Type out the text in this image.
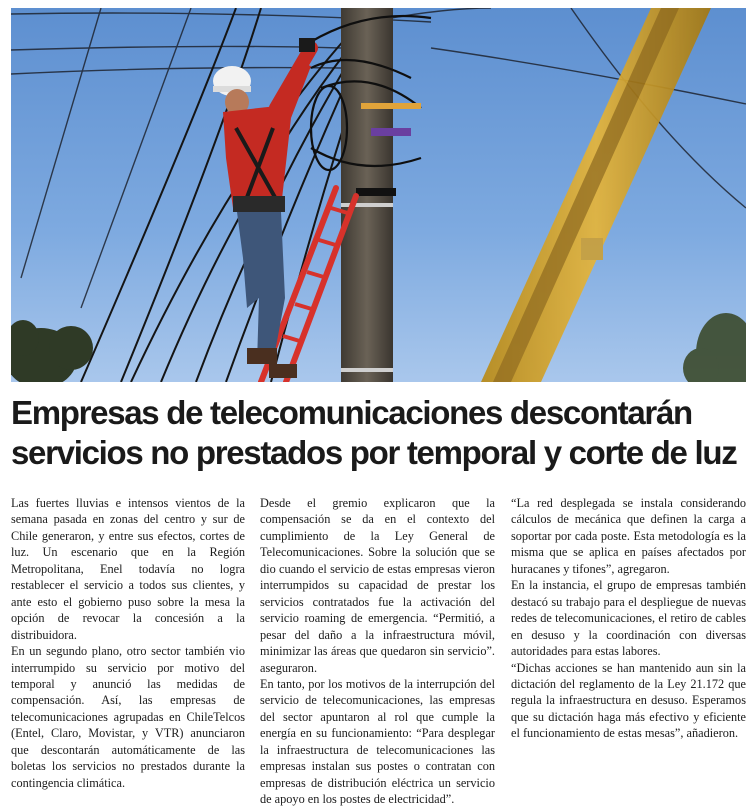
Empresas de telecomunicaciones descontarán
servicios no prestados por temporal y corte de luz

Las fuertes lluvias e intensos vientos de la semana pasada en zonas del centro y sur de Chile generaron, y entre sus efectos, cortes de luz. Un escenario que en la Región Metropolitana, Enel todavía no logra restablecer el servicio a todos sus clientes, y ante esto el gobierno puso sobre la mesa la opción de revocar la concesión a la distribuidora.

En un segundo plano, otro sector también vio interrumpido su servicio por motivo del temporal y anunció las medidas de compensación. Así, las empresas de telecomunicaciones agrupadas en ChileTelcos (Entel, Claro, Movistar, y VTR) anunciaron que descontarán automáticamente de las boletas los servicios no prestados durante la contingencia climática.

Desde el gremio explicaron que la compensación se da en el contexto del cumplimiento de la Ley General de Telecomunicaciones. Sobre la solución que se dio cuando el servicio de estas empresas vieron interrumpidos su capacidad de prestar los servicios contratados fue la activación del servicio roaming de emergencia. “Permitió, a pesar del daño a la infraestructura móvil, minimizar las áreas que quedaron sin servicio”. aseguraron.

En tanto, por los motivos de la interrupción del servicio de telecomunicaciones, las empresas del sector apuntaron al rol que cumple la energía en su funcionamiento: “Para desplegar la infraestructura de telecomunicaciones las empresas instalan sus postes o contratan con empresas de distribución eléctrica un servicio de apoyo en los postes de electricidad”.

“La red desplegada se instala considerando cálculos de mecánica que definen la carga a soportar por cada poste. Esta metodología es la misma que se aplica en países afectados por huracanes y tifones”, agregaron.

En la instancia, el grupo de empresas también destacó su trabajo para el despliegue de nuevas redes de telecomunicaciones, el retiro de cables en desuso y la coordinación con diversas autoridades para estas labores.

“Dichas acciones se han mantenido aun sin la dictación del reglamento de la Ley 21.172 que regula la infraestructura en desuso. Esperamos que su dictación haga más efectivo y eficiente el funcionamiento de estas mesas”, añadieron.
